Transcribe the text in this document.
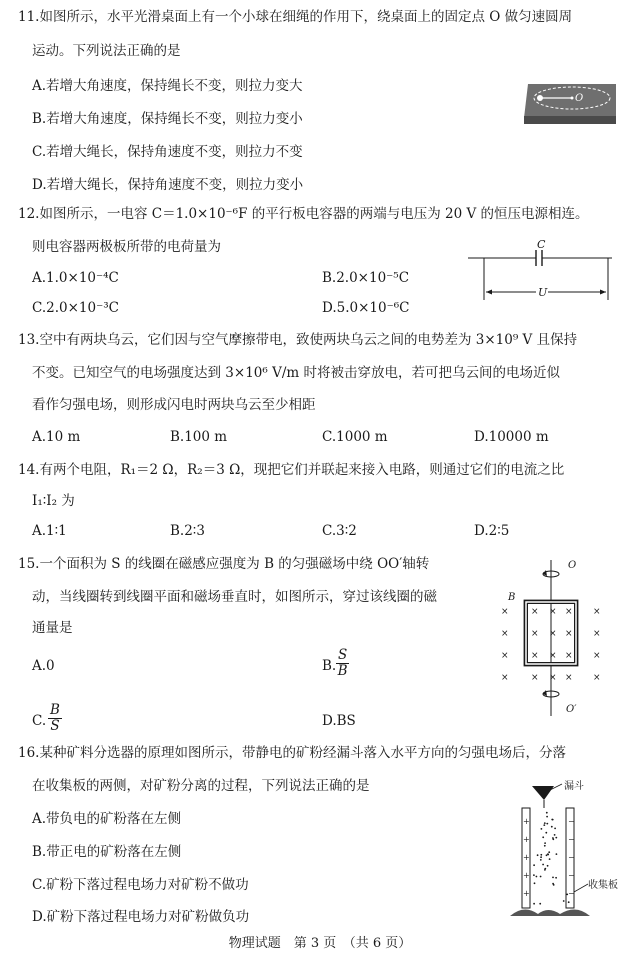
11.如图所示，水平光滑桌面上有一个小球在细绳的作用下，绕桌面上的固定点 O 做匀速圆周
运动。下列说法正确的是
A.若增大角速度，保持绳长不变，则拉力变大
B.若增大角速度，保持绳长不变，则拉力变小
C.若增大绳长，保持角速度不变，则拉力不变
D.若增大绳长，保持角速度不变，则拉力变小
O
12.如图所示，一电容 C＝1.0×10⁻⁶F 的平行板电容器的两端与电压为 20 V 的恒压电源相连。
则电容器两极板所带的电荷量为
A.1.0×10⁻⁴C	B.2.0×10⁻⁵C
C.2.0×10⁻³C	D.5.0×10⁻⁶C
C
U
13.空中有两块乌云，它们因与空气摩擦带电，致使两块乌云之间的电势差为 3×10⁹ V 且保持
不变。已知空气的电场强度达到 3×10⁶ V/m 时将被击穿放电，若可把乌云间的电场近似
看作匀强电场，则形成闪电时两块乌云至少相距
A.10 m	B.100 m	C.1000 m	D.10000 m
14.有两个电阻，R₁＝2 Ω，R₂＝3 Ω，现把它们并联起来接入电路，则通过它们的电流之比
I₁∶I₂ 为
A.1∶1	B.2∶3	C.3∶2	D.2∶5
15.一个面积为 S 的线圈在磁感应强度为 B 的匀强磁场中绕 OO′轴转
动，当线圈转到线圈平面和磁场垂直时，如图所示，穿过该线圈的磁
通量是
A.0	B. $\frac{S}{B}$
C. $\frac{B}{S}$	D.BS
O
O′
B
×
×
×
×
×
×
×
×
×
×
×
×
×
×
×
×
×
×
×
×
16.某种矿料分选器的原理如图所示，带静电的矿粉经漏斗落入水平方向的匀强电场后，分落
在收集板的两侧，对矿粉分离的过程，下列说法正确的是
A.带负电的矿粉落在左侧
B.带正电的矿粉落在左侧
C.矿粉下落过程电场力对矿粉不做功
D.矿粉下落过程电场力对矿粉做负功
漏斗
+
+
+
+
+
−
−
−
−
−
收集板
物理试题　第 3 页　（共 6 页）
